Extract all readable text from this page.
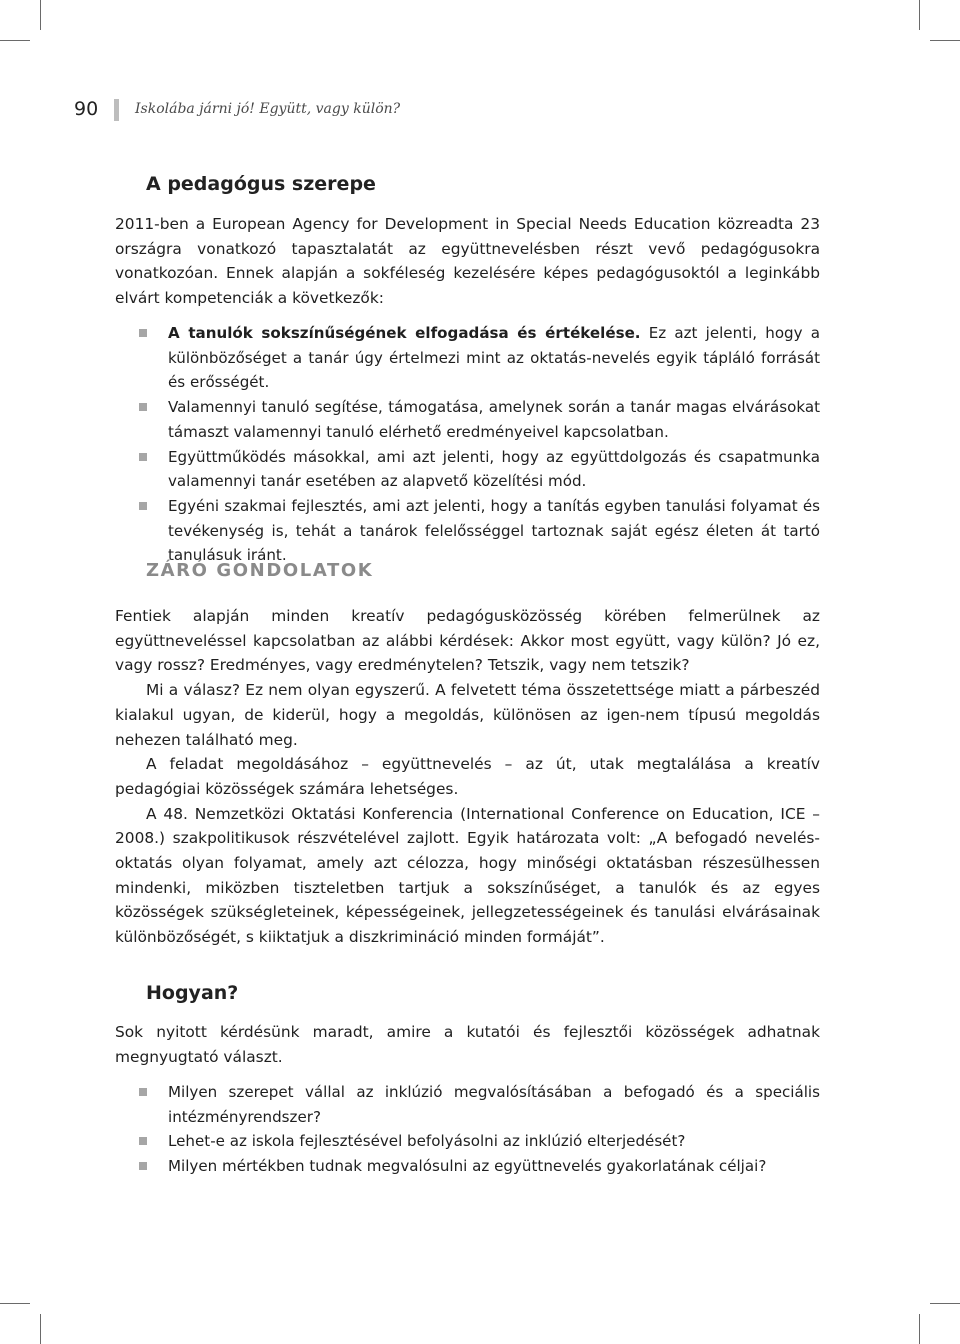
90	Iskolába járni jó! Együtt, vagy külön?
A pedagógus szerepe

2011-ben a European Agency for Development in Special Needs Education közreadta 23 országra vonatkozó tapasztalatát az együttnevelésben részt vevő pedagógusokra vonatkozóan. Ennek alapján a sokféleség kezelésére képes pedagógusoktól a leginkább elvárt kompetenciák a következők:

A tanulók sokszínűségének elfogadása és értékelése. Ez azt jelenti, hogy a különbözőséget a tanár úgy értelmezi mint az oktatás-nevelés egyik tápláló forrását és erősségét.
Valamennyi tanuló segítése, támogatása, amelynek során a tanár magas elvárásokat támaszt valamennyi tanuló elérhető eredményeivel kapcsolatban.
Együttműködés másokkal, ami azt jelenti, hogy az együttdolgozás és csapatmunka valamennyi tanár esetében az alapvető közelítési mód.
Egyéni szakmai fejlesztés, ami azt jelenti, hogy a tanítás egyben tanulási folyamat és tevékenység is, tehát a tanárok felelősséggel tartoznak saját egész életen át tartó tanulásuk iránt.
ZÁRÓ GONDOLATOK

Fentiek alapján minden kreatív pedagógusközösség körében felmerülnek az együttneveléssel kapcsolatban az alábbi kérdések: Akkor most együtt, vagy külön? Jó ez, vagy rossz? Eredményes, vagy eredménytelen? Tetszik, vagy nem tetszik?

Mi a válasz? Ez nem olyan egyszerű. A felvetett téma összetettsége miatt a párbeszéd kialakul ugyan, de kiderül, hogy a megoldás, különösen az igen-nem típusú megoldás nehezen található meg.

A feladat megoldásához – együttnevelés – az út, utak megtalálása a kreatív pedagógiai közösségek számára lehetséges.

A 48. Nemzetközi Oktatási Konferencia (International Conference on Education, ICE – 2008.) szakpolitikusok részvételével zajlott. Egyik határozata volt: „A befogadó nevelés-oktatás olyan folyamat, amely azt célozza, hogy minőségi oktatásban részesülhessen mindenki, miközben tiszteletben tartjuk a sokszínűséget, a tanulók és az egyes közösségek szükségleteinek, képességeinek, jellegzetességeinek és tanulási elvárásainak különbözőségét, s kiiktatjuk a diszkrimináció minden formáját”.

Hogyan?

Sok nyitott kérdésünk maradt, amire a kutatói és fejlesztői közösségek adhatnak megnyugtató választ.

Milyen szerepet vállal az inklúzió megvalósításában a befogadó és a speciális intézményrendszer?
Lehet-e az iskola fejlesztésével befolyásolni az inklúzió elterjedését?
Milyen mértékben tudnak megvalósulni az együttnevelés gyakorlatának céljai?
